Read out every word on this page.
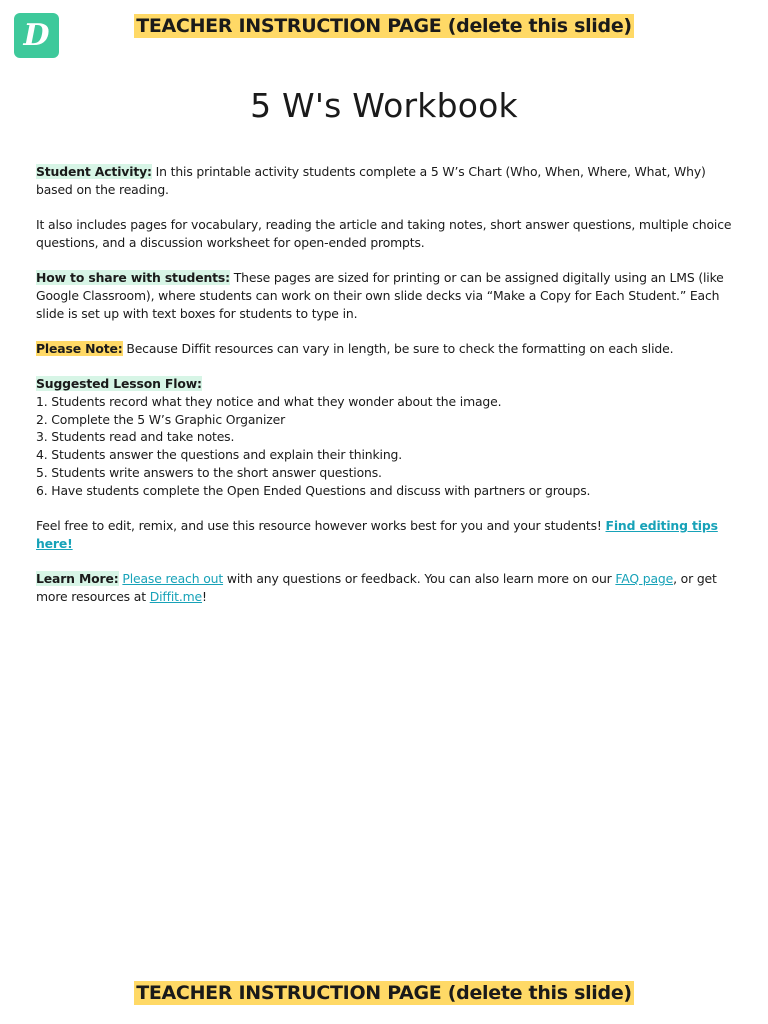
D	TEACHER INSTRUCTION PAGE (delete this slide)
5 W's Workbook

Student Activity: In this printable activity students complete a 5 W’s Chart (Who, When, Where, What, Why) based on the reading.

It also includes pages for vocabulary, reading the article and taking notes, short answer questions, multiple choice questions, and a discussion worksheet for open-ended prompts.

How to share with students: These pages are sized for printing or can be assigned digitally using an LMS (like Google Classroom), where students can work on their own slide decks via “Make a Copy for Each Student.” Each slide is set up with text boxes for students to type in.

Please Note: Because Diffit resources can vary in length, be sure to check the formatting on each slide.

Suggested Lesson Flow:
1. Students record what they notice and what they wonder about the image.
2. Complete the 5 W’s Graphic Organizer
3. Students read and take notes.
4. Students answer the questions and explain their thinking.
5. Students write answers to the short answer questions.
6. Have students complete the Open Ended Questions and discuss with partners or groups.

Feel free to edit, remix, and use this resource however works best for you and your students! Find editing tips here!

Learn More: Please reach out with any questions or feedback. You can also learn more on our FAQ page, or get more resources at Diffit.me!

TEACHER INSTRUCTION PAGE (delete this slide)
